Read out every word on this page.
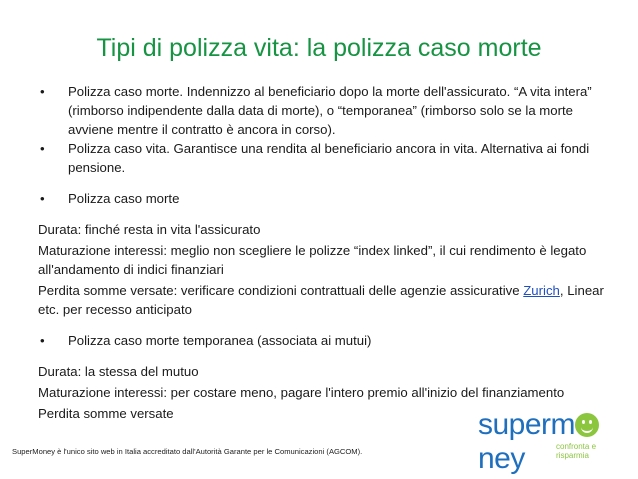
Tipi di polizza vita: la polizza caso morte
• Polizza caso morte. Indennizzo al beneficiario dopo la morte dell'assicurato. “A vita intera”
(rimborso indipendente dalla data di morte), o “temporanea” (rimborso solo se la morte
avviene mentre il contratto è ancora in corso).
• Polizza caso vita. Garantisce una rendita al beneficiario ancora in vita. Alternativa ai fondi
pensione.
• Polizza caso morte
Durata: finché resta in vita l'assicurato
Maturazione interessi: meglio non scegliere le polizze “index linked”, il cui rendimento è legato
all'andamento di indici finanziari
Perdita somme versate: verificare condizioni contrattuali delle agenzie assicurative Zurich, Linear
etc. per recesso anticipato
• Polizza caso morte temporanea (associata ai mutui)
Durata: la stessa del mutuo
Maturazione interessi: per costare meno, pagare l'intero premio all'inizio del finanziamento
Perdita somme versate
SuperMoney è l'unico sito web in Italia accreditato dall'Autorità Garante per le Comunicazioni (AGCOM).
superm
ney	confronta e risparmia
